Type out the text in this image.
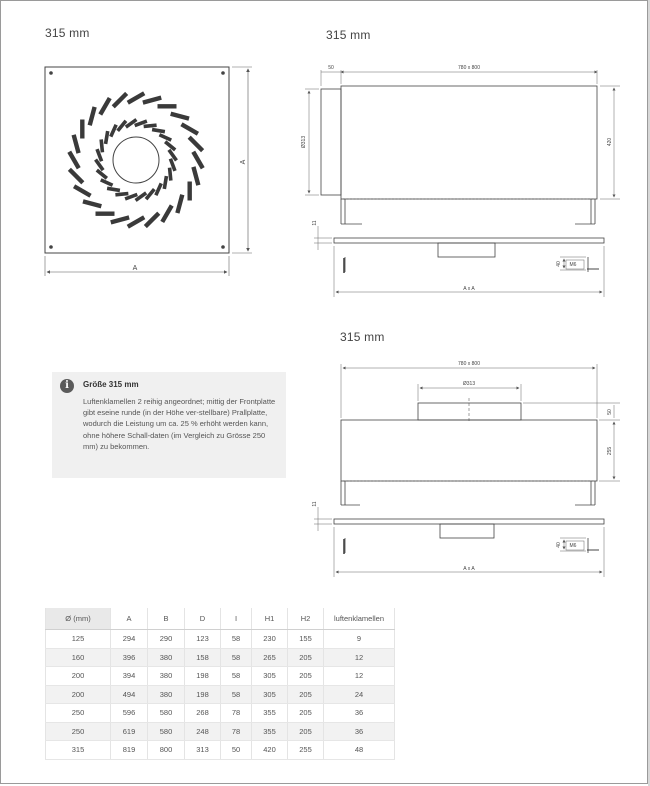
315 mm	315 mm
315 mm
A
A
50	780 x 800
Ø313	420
11
40 M6
A x A
780 x 800
Ø313
50
255
11
40 M6
A x A
i	Größe 315 mm
Luftenklamellen 2 reihig angeordnet; mittig der Frontplatte gibt eseine runde (in der Höhe ver-stellbare) Prallplatte, wodurch die Leistung um ca. 25 % erhöht werden kann, ohne höhere Schall-daten (im Vergleich zu Grösse 250 mm) zu bekommen.
Ø (mm)	A	B	D	I	H1	H2	luftenklamellen
125	294	290	123	58	230	155	9
160	396	380	158	58	265	205	12
200	394	380	198	58	305	205	12
200	494	380	198	58	305	205	24
250	596	580	268	78	355	205	36
250	619	580	248	78	355	205	36
315	819	800	313	50	420	255	48
